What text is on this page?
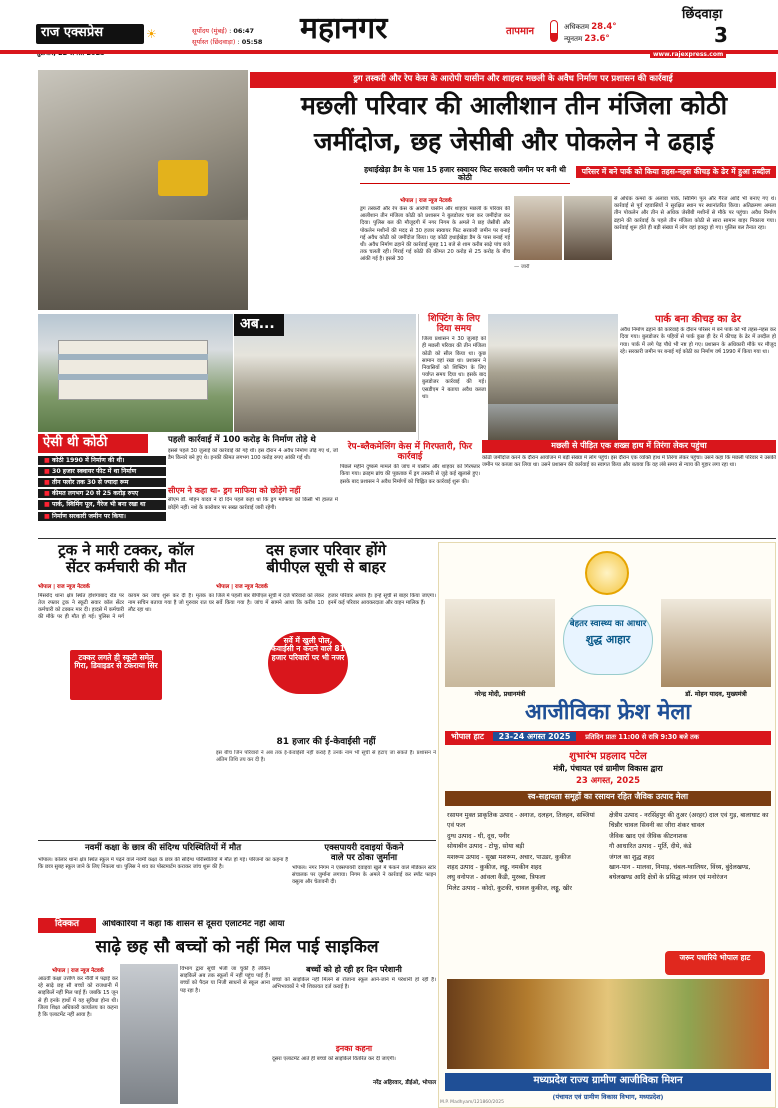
राज एक्सप्रेस	☀	सूर्योदय (मुंबई) : 06:47
सूर्यास्त (छिंदवाड़ा) : 05:58 महानगर	तापमान	अधिकतम 28.4°
न्यूनतम 23.6°
छिंदवाड़ा
3
www.rajexpress.com
ड्रग तस्करी और रेप केस के आरोपी यासीन और शाहवर मछली के अवैध निर्माण पर प्रशासन की कार्रवाई
मछली परिवार की आलीशान तीन मंजिला कोठी
जमींदोज, छह जेसीबी और पोकलेन ने ढहाई
हथाईखेड़ा डैम के पास 15 हजार स्क्वायर फिट सरकारी जमीन पर बनी थी कोठी
परिसर में बने पार्क को किया तहस-नहस कीचड़ के ढेर में हुआ तब्दील
भोपाल | राज न्यूज नेटवर्क
ड्रग तस्करी और रेप केस के आरोपी यासीन और शाहवर मछली के परिवार की आलीशान तीन मंजिला कोठी को प्रशासन ने बुलडोजर चला कर जमींदोज कर दिया। पुलिस बल की मौजूदगी में नगर निगम के अमले ने छह जेसीबी और पोकलेन मशीनों की मदद से 30 हजार स्क्वायर फिट सरकारी जमीन पर बनाई गई अवैध कोठी को जमींदोज किया। यह कोठी हथाईखेड़ा डैम के पास बनाई गई थी। अवैध निर्माण ढहाने की कार्रवाई सुबह 11 बजे से शाम करीब साढ़े पांच बजे तक चलती रही। गिराई गई कोठी की कीमत 20 करोड़ से 25 करोड़ के बीच आंकी गई है। इससे 30
से अधिक कमरों के अलावा पार्क, स्विमिंग पूल और गैरेज आदि भी बनाए गए थे। कार्रवाई से पूर्व रहवासियों ने सुरक्षित स्थान पर स्थानांतरित किया। अतिक्रमण अमला तीन पोकलेन और तीन से अधिक जेसीबी मशीनों से मौके पर पहुंचा। अवैध निर्माण ढहाने की कार्रवाई के पहले तीन मंजिला कोठी से सारा सामान बाहर निकाला गया। कार्रवाई शुरू होते ही बड़ी संख्या में लोग वहां इकट्ठा हो गए। पुलिस बल तैनात रहा।
— जारी
अब...	शिफ्टिंग के लिए दिया समय
जिला प्रशासन ने 30 जुलाई को ही मछली परिवार की तीन मंजिला कोठी को सील किया था। कुछ सामान वहां रखा था। प्रशासन ने निवासियों को शिफ्टिंग के लिए पर्याप्त समय दिया था। इसके बाद बुलडोजर कार्रवाई की गई। एसडीएम ने बताया अवैध कब्जा था।
पार्क बना कीचड़ का ढेर
अवैध निर्माण ढहाने की कार्रवाई के दौरान परिसर में बने पार्क को भी तहस-नहस कर दिया गया। बुलडोजर के पहियों से पार्क कुछ ही देर में कीचड़ के ढेर में तब्दील हो गया। पार्क में लगे पेड़ पौधे भी नष्ट हो गए। प्रशासन के अधिकारी मौके पर मौजूद रहे। सरकारी जमीन पर बनाई गई कोठी का निर्माण वर्ष 1990 में किया गया था।
ऐसी थी कोठी
■ कोठी 1990 में निर्माण की थी।
■ 30 हजार स्क्वायर फीट में था निर्माण
■ तीन फ्लोर तक 30 से ज्यादा रूम
■ कीमत लगभग 20 से 25 करोड़ रुपए
■ पार्क, स्विमिंग पूल, गैरेज भी बना रखा था
■ निर्माण सरकारी जमीन पर किया।
पहली कार्रवाई में 100 करोड़ के निर्माण तोड़े थे
इससे पहले 30 जुलाई को कार्रवाई की गई थी। इस दौरान 4 अवैध निर्माण तोड़े गए थे, जो डैम किनारे बने हुए थे। इनकी कीमत लगभग 100 करोड़ रुपए आंकी गई थी।
सीएम ने कहा था- ड्रग माफिया को छोड़ेंगे नहीं
सीएम डॉ. मोहन यादव ने दो दिन पहले कहा था कि ड्रग माफिया को किसी भी हालत में छोड़ेंगे नहीं। नशे के कारोबार पर सख्त कार्रवाई जारी रहेगी।
रेप-ब्लैकमेलिंग केस में गिरफ्तारी, फिर कार्रवाई
पिछले महीने दुष्कर्म मामले की जांच में यासीन और शाहवर को गिरफ्तार किया गया। क्राइम ब्रांच की पूछताछ में ड्रग तस्करी से जुड़े कई खुलासे हुए। इसके बाद प्रशासन ने अवैध निर्माणों को चिह्नित कर कार्रवाई शुरू की।
मछली से पीड़ित एक शख्स हाथ में तिरंगा लेकर पहुंचा
कोठी जमींदोज करने के दौरान आयोजन में बड़ी संख्या में लोग पहुंचे। इस दौरान एक व्यक्ति हाथ में तिरंगा लेकर पहुंचा। उसने कहा कि मछली परिवार ने उसकी जमीन पर कब्जा कर लिया था। उसने प्रशासन की कार्रवाई का स्वागत किया और बताया कि वह लंबे समय से न्याय की गुहार लगा रहा था।
ट्रक ने मारी टक्कर, कॉल
सेंटर कर्मचारी की मौत
भोपाल | राज न्यूज नेटवर्क
मिसरोद थाना क्षेत्र स्थित होशंगाबाद रोड पर तेज रफ्तार ट्रक ने स्कूटी सवार कॉल सेंटर कर्मचारी को टक्कर मार दी। हादसे में कर्मचारी की मौके पर ही मौत हो गई। पुलिस ने मर्ग कायम कर जांच शुरू कर दी है। मृतक का नाम सचिन बताया गया है जो गुरुवार रात घर लौट रहा था।
टक्कर लगते ही स्कूटी समेत गिरा, डिवाइडर से टकराया सिर
दस हजार परिवार होंगे
बीपीएल सूची से बाहर
भोपाल | राज न्यूज नेटवर्क
जिले में पहली बार बीपीएल सूची में दर्ज परिवारों को लेकर सर्वे किया गया है। जांच में सामने आया कि करीब 10 हजार परिवार अपात्र हैं। इन्हें सूची से बाहर किया जाएगा। इनमें कई परिवार आयकरदाता और वाहन मालिक हैं।
81 हजार की ई-केवाईसी नहीं
इस बीच जिन परिवारों ने अब तक ई-केवाईसी नहीं कराई है उनके नाम भी सूची से हटाए जा सकते हैं। प्रशासन ने अंतिम तिथि तय कर दी है।
सर्वे में खुली पोल, केवाईसी न कराने वाले 81 हजार परिवारों पर भी नजर
बेहतर स्वास्थ्य का आधार
शुद्ध आहार
नरेन्द्र मोदी, प्रधानमंत्री	डॉ. मोहन यादव, मुख्यमंत्री
आजीविका फ्रेश मेला
भोपाल हाट 23-24 अगस्त 2025 प्रतिदिन प्रातः 11:00 से रात्रि 9:30 बजे तक
शुभारंभ प्रहलाद पटेल
मंत्री, पंचायत एवं ग्रामीण विकास द्वारा
23 अगस्त, 2025
स्व-सहायता समूहों का रसायन रहित जैविक उत्पाद मेला
रसायन मुक्त प्राकृतिक उत्पाद - अनाज, दलहन, तिलहन, सब्जियां एवं फल
दुग्ध उत्पाद - घी, दूध, पनीर
सोयाबीन उत्पाद - टोफू, सोया बड़ी
मशरूम उत्पाद - सूखा मशरूम, अचार, पाउडर, कुकीज
शहद उत्पाद - कुकीज, लड्डू, नमकीन शहद
लघु वनोपज - आंवला कैंडी, मुरब्बा, त्रिफला
मिलेट उत्पाद - कोदो, कुटकी, चावल कुकीज, लड्डू, खीर
क्षेत्रीय उत्पाद - नरसिंहपुर की तुअर (अरहर) दाल एवं गुड़, बालाघाट का चिन्नौर चावल सिवनी का जीरा शंकर चावल
जैविक खाद एवं जैविक कीटनाशक
गौ आधारित उत्पाद - मूर्ति, दीये, कंडे
जंगल का शुद्ध शहद
खान-पान - मालवा, निमाड़, चंबल-ग्वालियर, विंध्य, बुंदेलखण्ड, बघेलखण्ड आदि क्षेत्रों के प्रसिद्ध व्यंजन एवं मनोरंजन
जरूर पधारिये भोपाल हाट
मध्यप्रदेश राज्य ग्रामीण आजीविका मिशन
(पंचायत एवं ग्रामीण विकास विभाग, मध्यप्रदेश)
M.P. Madhyam/121860/2025
नवमीं कक्षा के छात्र की संदिग्ध परिस्थितियों में मौत
भोपाल। कोलार थाना क्षेत्र स्थित स्कूल में पढ़ने वाले नवमीं कक्षा के छात्र की संदिग्ध परिस्थितियों में मौत हो गई। परिजनों का कहना है कि छात्र सुबह स्कूल जाने के लिए निकला था। पुलिस ने शव का पोस्टमार्टम कराकर जांच शुरू की है।
एक्सपायरी दवाइयां फेंकने
वाले पर ठोका जुर्माना
भोपाल। नगर निगम ने एक्सपायरी दवाइयां खुले में फेंकने वाले मेडिकल स्टोर संचालक पर जुर्माना लगाया। निगम के अमले ने कार्रवाई कर स्पॉट फाइन वसूला और चेतावनी दी।
दिक्कत	अधिकारियों ने कहा कि शासन से दूसरा एलाटमेंट नहीं आया
साढ़े छह सौ बच्चों को नहीं मिल पाई साइकिल
भोपाल | राज न्यूज नेटवर्क
आठवीं कक्षा उत्तीर्ण कर नौवीं में पढ़ाई कर रहे साढ़े छह सौ बच्चों को राजधानी में साइकिलें नहीं मिल पाई हैं। जबकि 15 जून से ही इनके हाथों में यह सुविधा होना थी। जिला शिक्षा अधिकारी कार्यालय का कहना है कि एलाटमेंट नहीं आया है।
विभाग द्वारा सूची भेजी जा चुकी है लेकिन साइकिलें अब तक स्कूलों में नहीं पहुंच पाई हैं। बच्चों को पैदल या निजी साधनों से स्कूल आना पड़ रहा है।
बच्चों को हो रही हर दिन परेशानी
बच्चों को साइकिल नहीं मिलने से रोजाना स्कूल आने-जाने में परेशानी हो रही है। अभिभावकों ने भी शिकायत दर्ज कराई है।
इनका कहना
दूसरा एलाटमेंट आते ही बच्चों को साइकिलें वितरित कर दी जाएंगी।
नरेंद्र अहिरवार, डीईओ, भोपाल
